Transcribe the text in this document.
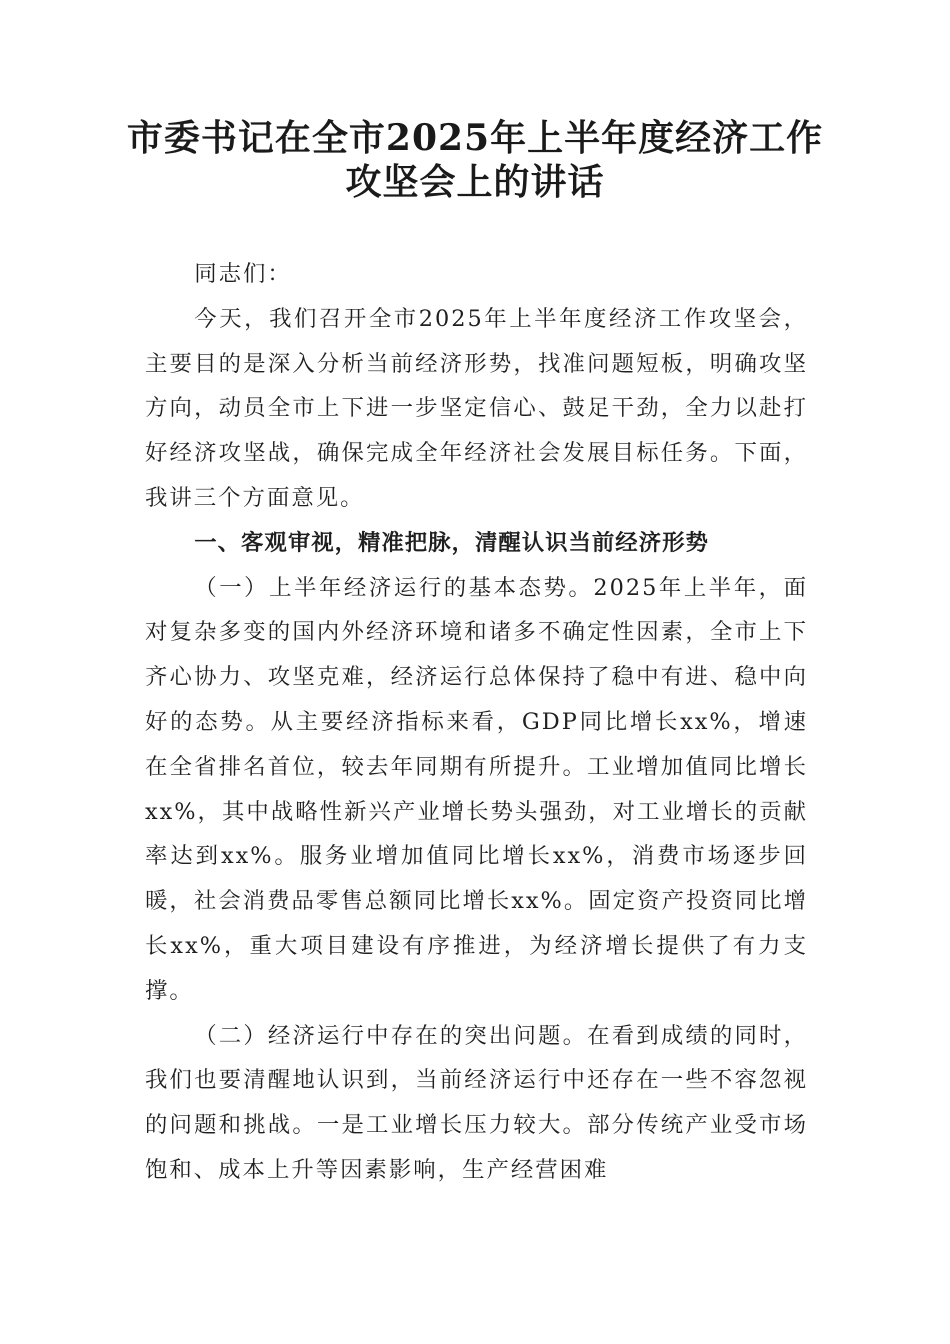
市委书记在全市2025年上半年度经济工作
攻坚会上的讲话

同志们：

今天，我们召开全市2025年上半年度经济工作攻坚会，主要目的是深入分析当前经济形势，找准问题短板，明确攻坚方向，动员全市上下进一步坚定信心、鼓足干劲，全力以赴打好经济攻坚战，确保完成全年经济社会发展目标任务。下面，我讲三个方面意见。

一、客观审视，精准把脉，清醒认识当前经济形势

（一）上半年经济运行的基本态势。2025年上半年，面对复杂多变的国内外经济环境和诸多不确定性因素，全市上下齐心协力、攻坚克难，经济运行总体保持了稳中有进、稳中向好的态势。从主要经济指标来看，GDP同比增长xx%，增速在全省排名首位，较去年同期有所提升。工业增加值同比增长xx%，其中战略性新兴产业增长势头强劲，对工业增长的贡献率达到xx%。服务业增加值同比增长xx%，消费市场逐步回暖，社会消费品零售总额同比增长xx%。固定资产投资同比增长xx%，重大项目建设有序推进，为经济增长提供了有力支撑。

（二）经济运行中存在的突出问题。在看到成绩的同时，我们也要清醒地认识到，当前经济运行中还存在一些不容忽视的问题和挑战。一是工业增长压力较大。部分传统产业受市场饱和、成本上升等因素影响，生产经营困难
